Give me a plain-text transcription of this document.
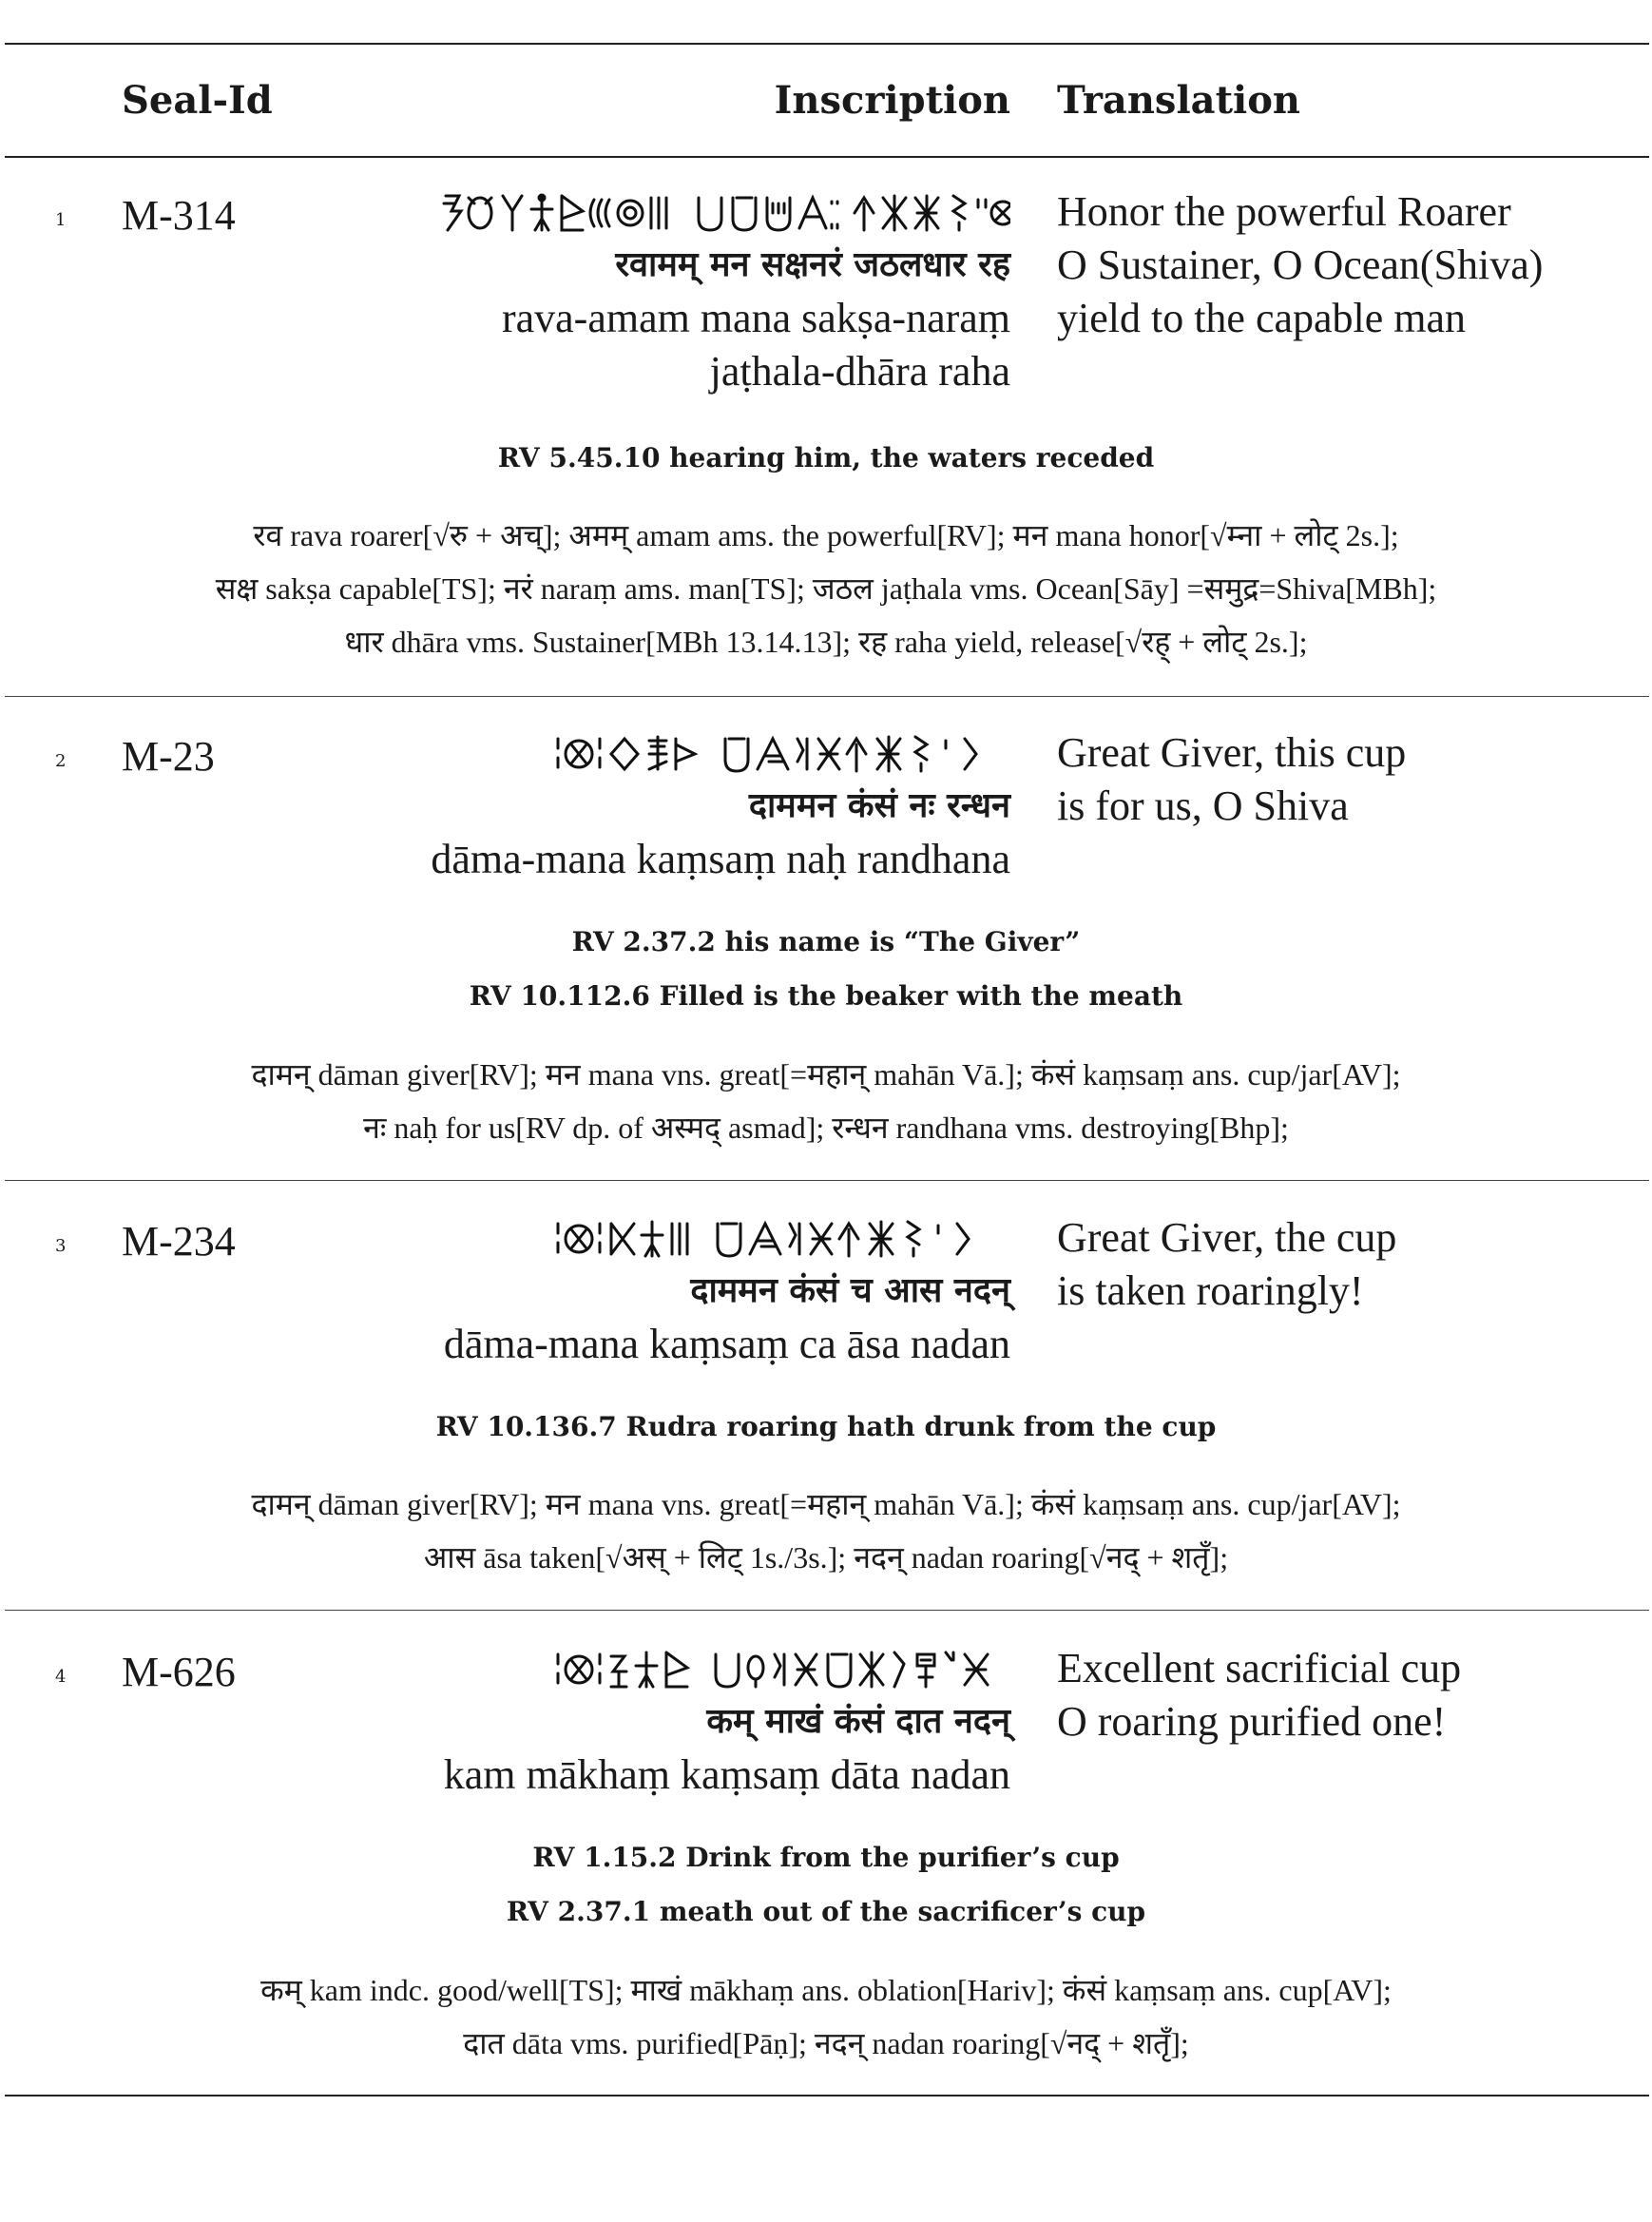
Seal-Id	Inscription Translation
1 M-314
रवामम् मन सक्षनरं जठलधार रह
rava-amam mana sakṣa-naraṃ
jaṭhala-dhāra raha
Honor the powerful Roarer
O Sustainer, O Ocean(Shiva)
yield to the capable man
RV 5.45.10 hearing him, the waters receded
रव rava roarer[√रु + अच्]; अमम् amam ams. the powerful[RV]; मन mana honor[√म्ना + लोट् 2s.];
सक्ष sakṣa capable[TS]; नरं naraṃ ams. man[TS]; जठल jaṭhala vms. Ocean[Sāy] =समुद्र=Shiva[MBh];
धार dhāra vms. Sustainer[MBh 13.14.13]; रह raha yield, release[√रह् + लोट् 2s.];
2 M-23
दाममन कंसं नः रन्धन
dāma-mana kaṃsaṃ naḥ randhana
Great Giver, this cup
is for us, O Shiva
RV 2.37.2 his name is “The Giver”
RV 10.112.6 Filled is the beaker with the meath
दामन् dāman giver[RV]; मन mana vns. great[=महान् mahān Vā.]; कंसं kaṃsaṃ ans. cup/jar[AV];
नः naḥ for us[RV dp. of अस्मद् asmad]; रन्धन randhana vms. destroying[Bhp];
3 M-234
दाममन कंसं च आस नदन्
dāma-mana kaṃsaṃ ca āsa nadan
Great Giver, the cup
is taken roaringly!
RV 10.136.7 Rudra roaring hath drunk from the cup
दामन् dāman giver[RV]; मन mana vns. great[=महान् mahān Vā.]; कंसं kaṃsaṃ ans. cup/jar[AV];
आस āsa taken[√अस् + लिट् 1s./3s.]; नदन् nadan roaring[√नद् + शतृँ];
4 M-626
कम् माखं कंसं दात नदन्
kam mākhaṃ kaṃsaṃ dāta nadan
Excellent sacrificial cup
O roaring purified one!
RV 1.15.2 Drink from the purifier’s cup
RV 2.37.1 meath out of the sacrificer’s cup
कम् kam indc. good/well[TS]; माखं mākhaṃ ans. oblation[Hariv]; कंसं kaṃsaṃ ans. cup[AV];
दात dāta vms. purified[Pāṇ]; नदन् nadan roaring[√नद् + शतृँ];
